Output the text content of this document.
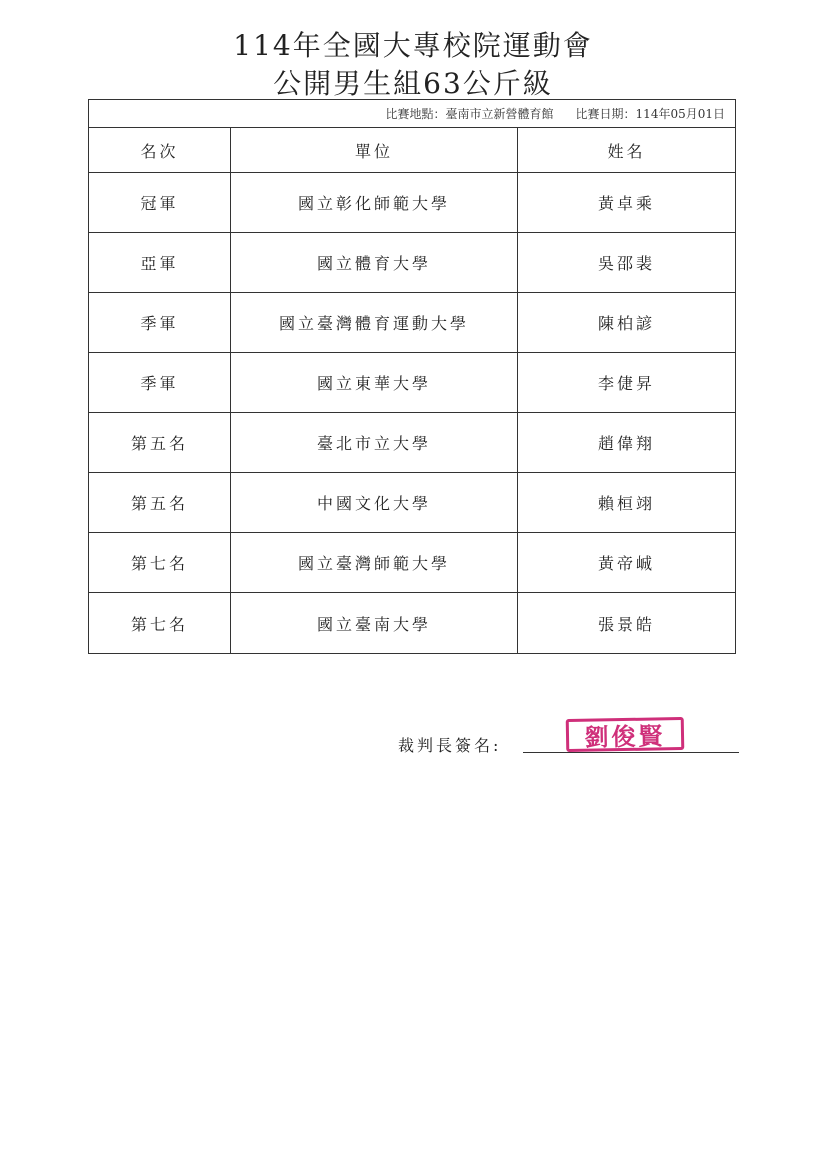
114年全國大專校院運動會
公開男生組63公斤級
比賽地點：臺南市立新營體育館 比賽日期：114年05月01日
名次	單位	姓名
冠軍	國立彰化師範大學	黃卓乘
亞軍	國立體育大學	吳邵裴
季軍	國立臺灣體育運動大學	陳柏諺
季軍	國立東華大學	李倢昇
第五名	臺北市立大學	趙偉翔
第五名	中國文化大學	賴桓翊
第七名	國立臺灣師範大學	黃帝峸
第七名	國立臺南大學	張景皓
裁判長簽名:	劉俊賢
